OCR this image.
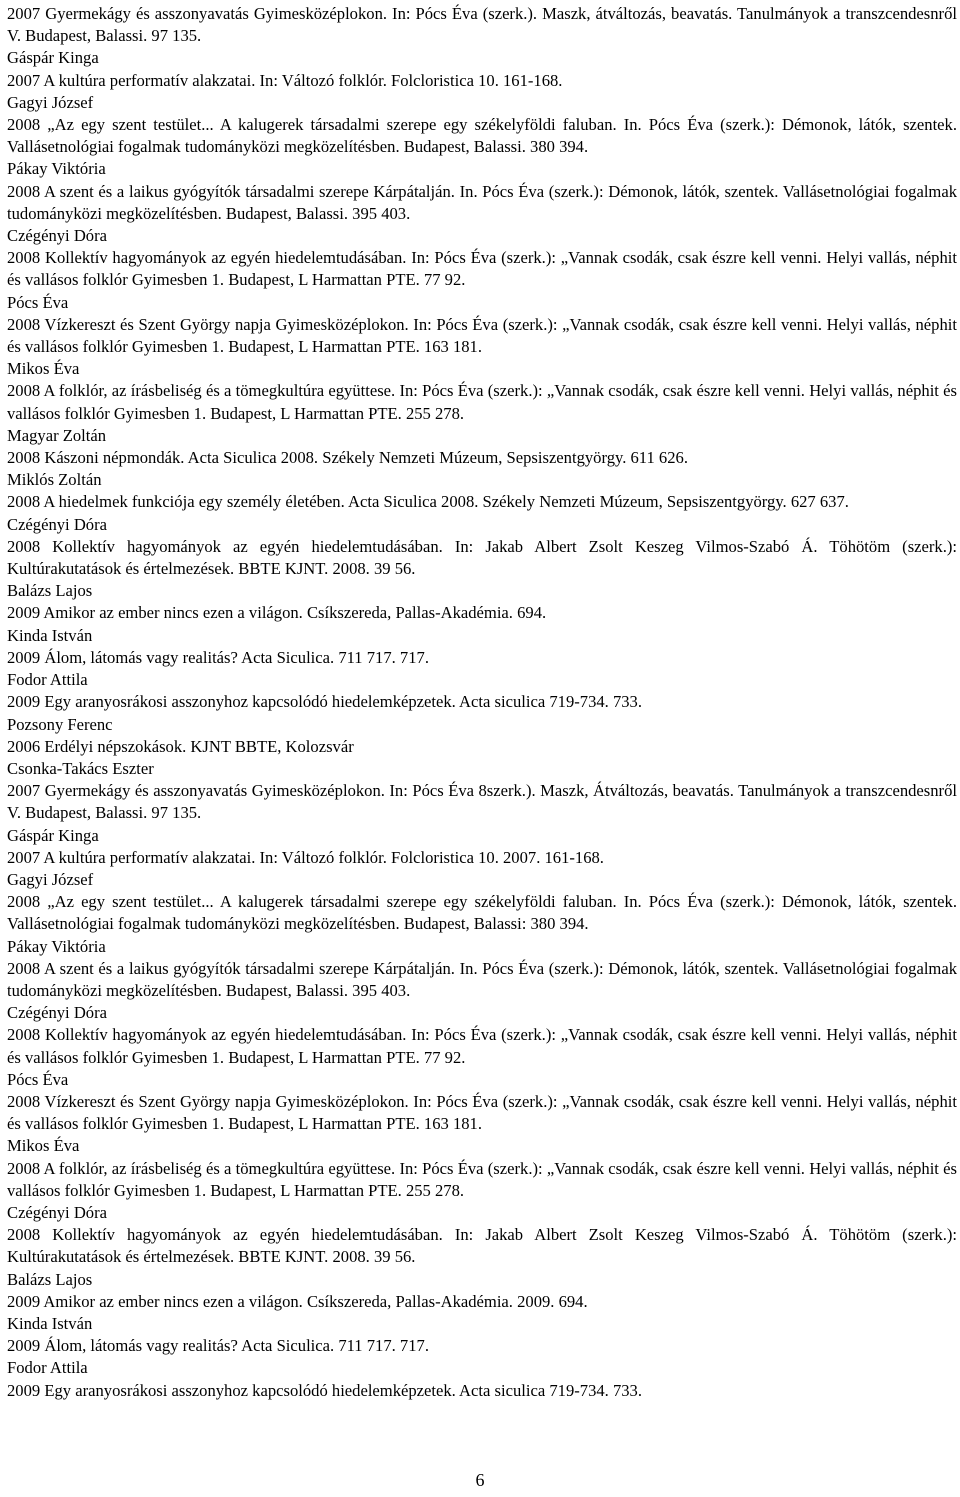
2007 Gyermekágy és asszonyavatás Gyimesközéplokon. In: Pócs Éva (szerk.). Maszk, átváltozás, beavatás. Tanulmányok a transzcendesnről V. Budapest, Balassi. 97 135.

Gáspár Kinga

2007 A kultúra performatív alakzatai. In: Változó folklór. Folcloristica 10. 161-168.

Gagyi József

2008 „Az egy szent testület... A kalugerek társadalmi szerepe egy székelyföldi faluban. In. Pócs Éva (szerk.): Démonok, látók, szentek. Vallásetnológiai fogalmak tudományközi megközelítésben. Budapest, Balassi. 380 394.

Pákay Viktória

2008 A szent és a laikus gyógyítók társadalmi szerepe Kárpátalján. In. Pócs Éva (szerk.): Démonok, látók, szentek. Vallásetnológiai fogalmak tudományközi megközelítésben. Budapest, Balassi. 395 403.

Czégényi Dóra

2008 Kollektív hagyományok az egyén hiedelemtudásában. In: Pócs Éva (szerk.): „Vannak csodák, csak észre kell venni. Helyi vallás, néphit és vallásos folklór Gyimesben 1. Budapest, L Harmattan PTE. 77 92.

Pócs Éva

2008 Vízkereszt és Szent György napja Gyimesközéplokon. In: Pócs Éva (szerk.): „Vannak csodák, csak észre kell venni. Helyi vallás, néphit és vallásos folklór Gyimesben 1. Budapest, L Harmattan PTE. 163 181.

Mikos Éva

2008 A folklór, az írásbeliség és a tömegkultúra együttese. In: Pócs Éva (szerk.): „Vannak csodák, csak észre kell venni. Helyi vallás, néphit és vallásos folklór Gyimesben 1. Budapest, L Harmattan PTE. 255 278.

Magyar Zoltán

2008 Kászoni népmondák. Acta Siculica 2008. Székely Nemzeti Múzeum, Sepsiszentgyörgy. 611 626.

Miklós Zoltán

2008 A hiedelmek funkciója egy személy életében. Acta Siculica 2008. Székely Nemzeti Múzeum, Sepsiszentgyörgy. 627 637.

Czégényi Dóra

2008 Kollektív hagyományok az egyén hiedelemtudásában. In: Jakab Albert Zsolt Keszeg Vilmos-Szabó Á. Töhötöm (szerk.): Kultúrakutatások és értelmezések. BBTE KJNT. 2008. 39 56.

Balázs Lajos

2009 Amikor az ember nincs ezen a világon. Csíkszereda, Pallas-Akadémia. 694.

Kinda István

2009 Álom, látomás vagy realitás? Acta Siculica. 711 717. 717.

Fodor Attila

2009 Egy aranyosrákosi asszonyhoz kapcsolódó hiedelemképzetek. Acta siculica 719-734. 733.

Pozsony Ferenc

2006 Erdélyi népszokások. KJNT BBTE, Kolozsvár

Csonka-Takács Eszter

2007 Gyermekágy és asszonyavatás Gyimesközéplokon. In: Pócs Éva 8szerk.). Maszk, Átváltozás, beavatás. Tanulmányok a transzcendesnről V. Budapest, Balassi. 97 135.

Gáspár Kinga

2007 A kultúra performatív alakzatai. In: Változó folklór. Folcloristica 10. 2007. 161-168.

Gagyi József

2008 „Az egy szent testület... A kalugerek társadalmi szerepe egy székelyföldi faluban. In. Pócs Éva (szerk.): Démonok, látók, szentek. Vallásetnológiai fogalmak tudományközi megközelítésben. Budapest, Balassi: 380 394.

Pákay Viktória

2008 A szent és a laikus gyógyítók társadalmi szerepe Kárpátalján. In. Pócs Éva (szerk.): Démonok, látók, szentek. Vallásetnológiai fogalmak tudományközi megközelítésben. Budapest, Balassi. 395 403.

Czégényi Dóra

2008 Kollektív hagyományok az egyén hiedelemtudásában. In: Pócs Éva (szerk.): „Vannak csodák, csak észre kell venni. Helyi vallás, néphit és vallásos folklór Gyimesben 1. Budapest, L Harmattan PTE. 77 92.

Pócs Éva

2008 Vízkereszt és Szent György napja Gyimesközéplokon. In: Pócs Éva (szerk.): „Vannak csodák, csak észre kell venni. Helyi vallás, néphit és vallásos folklór Gyimesben 1. Budapest, L Harmattan PTE. 163 181.

Mikos Éva

2008 A folklór, az írásbeliség és a tömegkultúra együttese. In: Pócs Éva (szerk.): „Vannak csodák, csak észre kell venni. Helyi vallás, néphit és vallásos folklór Gyimesben 1. Budapest, L Harmattan PTE. 255 278.

Czégényi Dóra

2008 Kollektív hagyományok az egyén hiedelemtudásában. In: Jakab Albert Zsolt Keszeg Vilmos-Szabó Á. Töhötöm (szerk.): Kultúrakutatások és értelmezések. BBTE KJNT. 2008. 39 56.

Balázs Lajos

2009 Amikor az ember nincs ezen a világon. Csíkszereda, Pallas-Akadémia. 2009. 694.

Kinda István

2009 Álom, látomás vagy realitás? Acta Siculica. 711 717. 717.

Fodor Attila

2009 Egy aranyosrákosi asszonyhoz kapcsolódó hiedelemképzetek. Acta siculica 719-734. 733.

6
